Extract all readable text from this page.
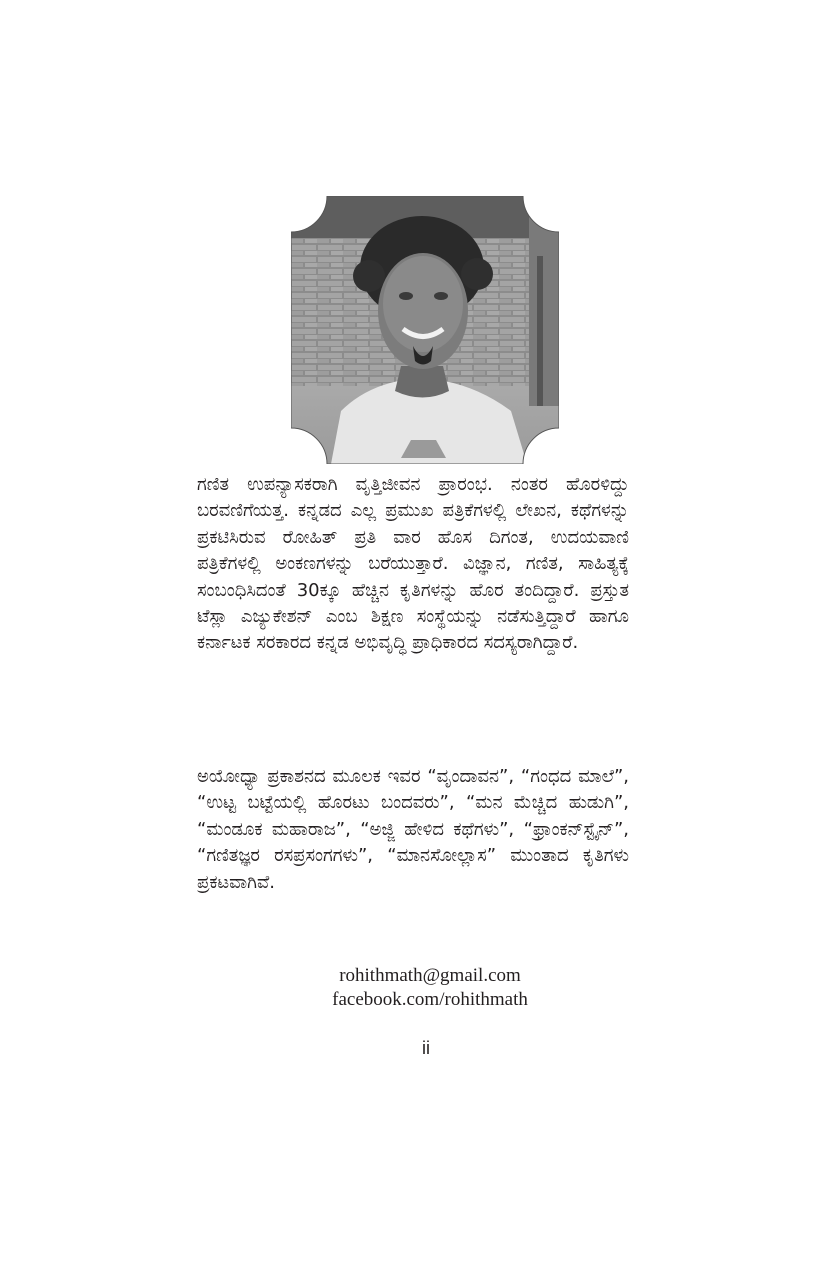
ಗಣಿತ ಉಪನ್ಯಾಸಕರಾಗಿ ವೃತ್ತಿಜೀವನ ಪ್ರಾರಂಭ. ನಂತರ ಹೊರಳಿದ್ದು ಬರವಣಿಗೆಯತ್ತ. ಕನ್ನಡದ ಎಲ್ಲ ಪ್ರಮುಖ ಪತ್ರಿಕೆಗಳಲ್ಲಿ ಲೇಖನ, ಕಥೆಗಳನ್ನು ಪ್ರಕಟಿಸಿರುವ ರೋಹಿತ್ ಪ್ರತಿ ವಾರ ಹೊಸ ದಿಗಂತ, ಉದಯವಾಣಿ ಪತ್ರಿಕೆಗಳಲ್ಲಿ ಅಂಕಣಗಳನ್ನು ಬರೆಯುತ್ತಾರೆ. ವಿಜ್ಞಾನ, ಗಣಿತ, ಸಾಹಿತ್ಯಕ್ಕೆ ಸಂಬಂಧಿಸಿದಂತೆ 30ಕ್ಕೂ ಹೆಚ್ಚಿನ ಕೃತಿಗಳನ್ನು ಹೊರ ತಂದಿದ್ದಾರೆ. ಪ್ರಸ್ತುತ ಟೆಸ್ಲಾ ಎಜ್ಯುಕೇಶನ್ ಎಂಬ ಶಿಕ್ಷಣ ಸಂಸ್ಥೆಯನ್ನು ನಡೆಸುತ್ತಿದ್ದಾರೆ ಹಾಗೂ ಕರ್ನಾಟಕ ಸರಕಾರದ ಕನ್ನಡ ಅಭಿವೃದ್ಧಿ ಪ್ರಾಧಿಕಾರದ ಸದಸ್ಯರಾಗಿದ್ದಾರೆ.

ಅಯೋಧ್ಯಾ ಪ್ರಕಾಶನದ ಮೂಲಕ ಇವರ “ವೃಂದಾವನ”, “ಗಂಧದ ಮಾಲೆ”, “ಉಟ್ಟ ಬಟ್ಟೆಯಲ್ಲಿ ಹೊರಟು ಬಂದವರು”, “ಮನ ಮೆಚ್ಚಿದ ಹುಡುಗಿ”, “ಮಂಡೂಕ ಮಹಾರಾಜ”, “ಅಜ್ಜಿ ಹೇಳಿದ ಕಥೆಗಳು”, “ಫ್ರಾಂಕನ್‌ಸ್ಟೈನ್”, “ಗಣಿತಜ್ಞರ ರಸಪ್ರಸಂಗಗಳು”, “ಮಾನಸೋಲ್ಲಾಸ” ಮುಂತಾದ ಕೃತಿಗಳು ಪ್ರಕಟವಾಗಿವೆ.

rohithmath@gmail.com
facebook.com/rohithmath
ii
